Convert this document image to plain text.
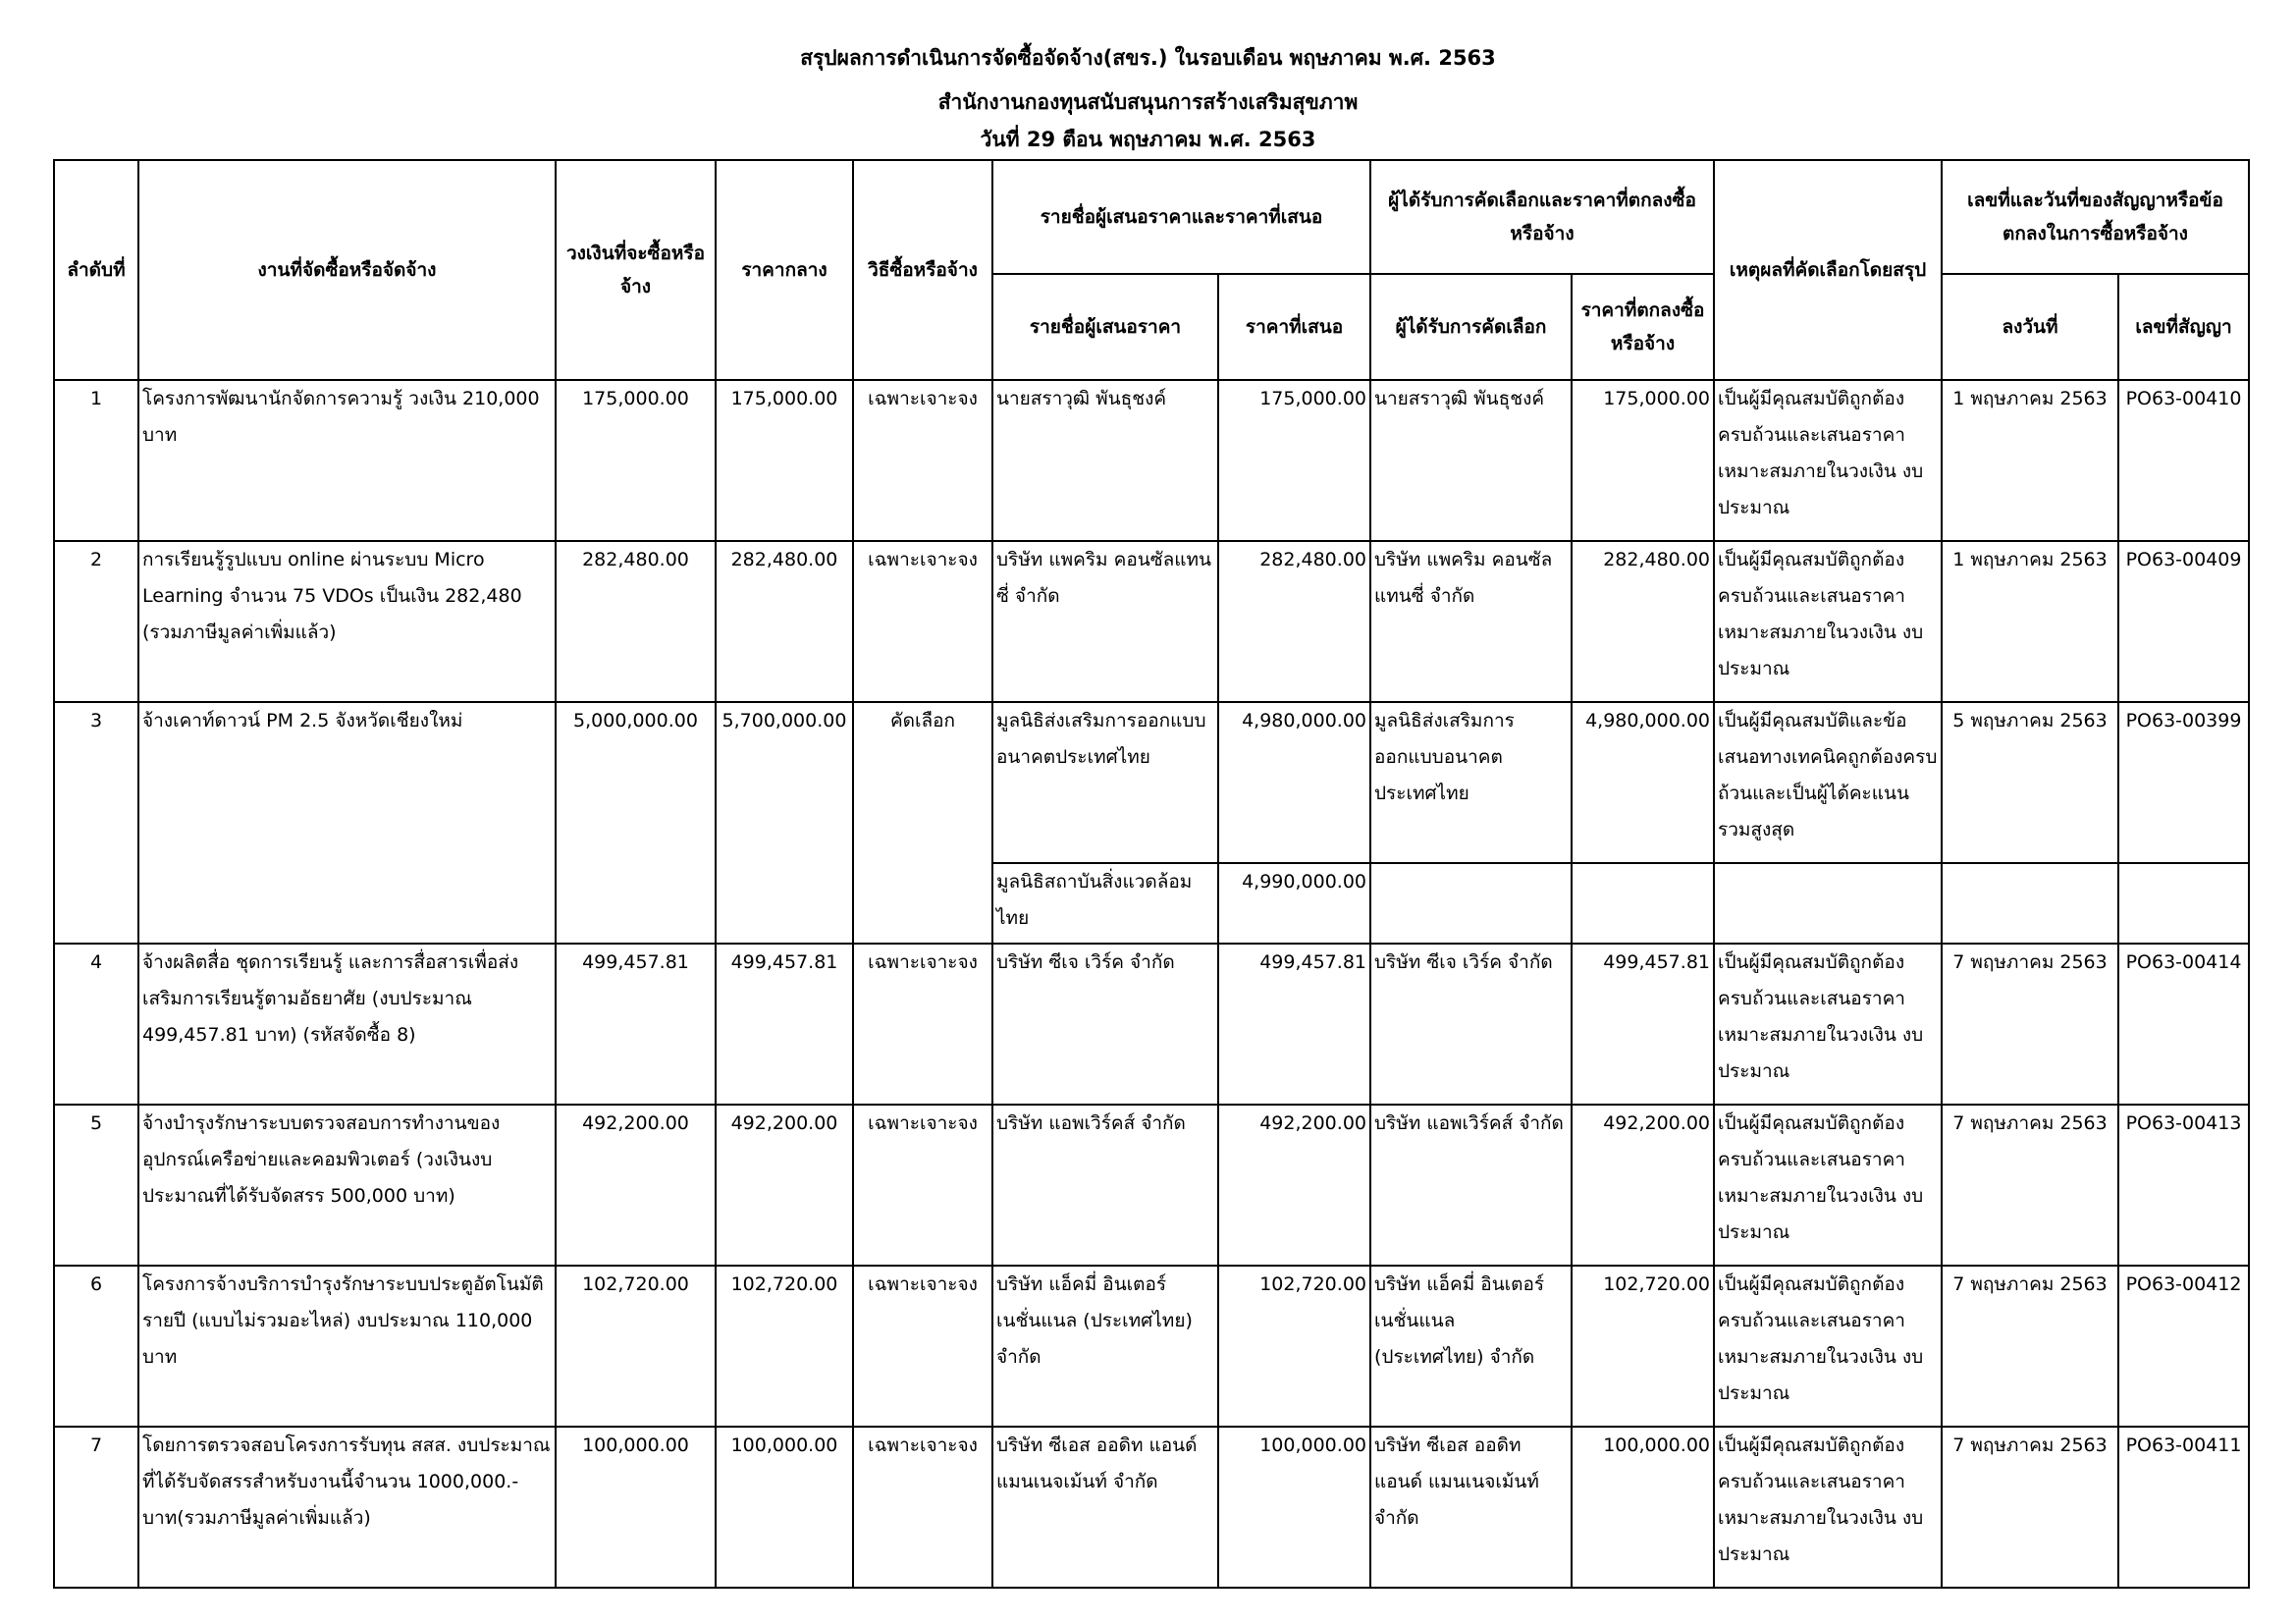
สรุปผลการดำเนินการจัดซื้อจัดจ้าง(สขร.) ในรอบเดือน พฤษภาคม พ.ศ. 2563
สำนักงานกองทุนสนับสนุนการสร้างเสริมสุขภาพ
วันที่ 29 ตือน พฤษภาคม พ.ศ. 2563
ลำดับที่	งานที่จัดซื้อหรือจัดจ้าง	วงเงินที่จะซื้อหรือจ้าง	ราคากลาง	วิธีซื้อหรือจ้าง	รายชื่อผู้เสนอราคาและราคาที่เสนอ		ผู้ได้รับการคัดเลือกและราคาที่ตกลงซื้อหรือจ้าง		เหตุผลที่คัดเลือกโดยสรุป	เลขที่และวันที่ของสัญญาหรือข้อตกลงในการซื้อหรือจ้าง	
					รายชื่อผู้เสนอราคา	ราคาที่เสนอ	ผู้ได้รับการคัดเลือก	ราคาที่ตกลงซื้อหรือจ้าง		ลงวันที่	เลขที่สัญญา
1	โครงการพัฒนานักจัดการความรู้ วงเงิน 210,000 บาท	175,000.00	175,000.00	เฉพาะเจาะจง	นายสราวุฒิ พันธุชงค์	175,000.00	นายสราวุฒิ พันธุชงค์	175,000.00	เป็นผู้มีคุณสมบัติถูกต้อง ครบถ้วนและเสนอราคา เหมาะสมภายในวงเงิน งบประมาณ	1 พฤษภาคม 2563	PO63-00410
2	การเรียนรู้รูปแบบ online ผ่านระบบ Micro Learning จำนวน 75 VDOs เป็นเงิน 282,480 (รวมภาษีมูลค่าเพิ่มแล้ว)	282,480.00	282,480.00	เฉพาะเจาะจง	บริษัท แพคริม คอนซัลแทนซี่ จำกัด	282,480.00	บริษัท แพคริม คอนซัลแทนซี่ จำกัด	282,480.00	เป็นผู้มีคุณสมบัติถูกต้อง ครบถ้วนและเสนอราคา เหมาะสมภายในวงเงิน งบประมาณ	1 พฤษภาคม 2563	PO63-00409
3	จ้างเคาท์ดาวน์ PM 2.5 จังหวัดเชียงใหม่	5,000,000.00	5,700,000.00	คัดเลือก	มูลนิธิส่งเสริมการออกแบบอนาคตประเทศไทย	4,980,000.00	มูลนิธิส่งเสริมการออกแบบอนาคตประเทศไทย	4,980,000.00	เป็นผู้มีคุณสมบัติและข้อเสนอทางเทคนิคถูกต้องครบถ้วนและเป็นผู้ได้คะแนนรวมสูงสุด	5 พฤษภาคม 2563	PO63-00399
					มูลนิธิสถาบันสิ่งแวดล้อมไทย	4,990,000.00					
4	จ้างผลิตสื่อ ชุดการเรียนรู้ และการสื่อสารเพื่อส่งเสริมการเรียนรู้ตามอัธยาศัย (งบประมาณ 499,457.81 บาท) (รหัสจัดซื้อ 8)	499,457.81	499,457.81	เฉพาะเจาะจง	บริษัท ซีเจ เวิร์ค จำกัด	499,457.81	บริษัท ซีเจ เวิร์ค จำกัด	499,457.81	เป็นผู้มีคุณสมบัติถูกต้อง ครบถ้วนและเสนอราคา เหมาะสมภายในวงเงิน งบประมาณ	7 พฤษภาคม 2563	PO63-00414
5	จ้างบำรุงรักษาระบบตรวจสอบการทำงานของอุปกรณ์เครือข่ายและคอมพิวเตอร์ (วงเงินงบประมาณที่ได้รับจัดสรร 500,000 บาท)	492,200.00	492,200.00	เฉพาะเจาะจง	บริษัท แอพเวิร์คส์ จำกัด	492,200.00	บริษัท แอพเวิร์คส์ จำกัด	492,200.00	เป็นผู้มีคุณสมบัติถูกต้อง ครบถ้วนและเสนอราคา เหมาะสมภายในวงเงิน งบประมาณ	7 พฤษภาคม 2563	PO63-00413
6	โครงการจ้างบริการบำรุงรักษาระบบประตูอัตโนมัติรายปี (แบบไม่รวมอะไหล่) งบประมาณ 110,000 บาท	102,720.00	102,720.00	เฉพาะเจาะจง	บริษัท แอ็คมี่ อินเตอร์เนชั่นแนล (ประเทศไทย) จำกัด	102,720.00	บริษัท แอ็คมี่ อินเตอร์เนชั่นแนล (ประเทศไทย) จำกัด	102,720.00	เป็นผู้มีคุณสมบัติถูกต้อง ครบถ้วนและเสนอราคา เหมาะสมภายในวงเงิน งบประมาณ	7 พฤษภาคม 2563	PO63-00412
7	โดยการตรวจสอบโครงการรับทุน สสส. งบประมาณที่ได้รับจัดสรรสำหรับงานนี้จำนวน 1000,000.- บาท(รวมภาษีมูลค่าเพิ่มแล้ว)	100,000.00	100,000.00	เฉพาะเจาะจง	บริษัท ซีเอส ออดิท แอนด์ แมนเนจเม้นท์ จำกัด	100,000.00	บริษัท ซีเอส ออดิท แอนด์ แมนเนจเม้นท์ จำกัด	100,000.00	เป็นผู้มีคุณสมบัติถูกต้อง ครบถ้วนและเสนอราคา เหมาะสมภายในวงเงิน งบประมาณ	7 พฤษภาคม 2563	PO63-00411
